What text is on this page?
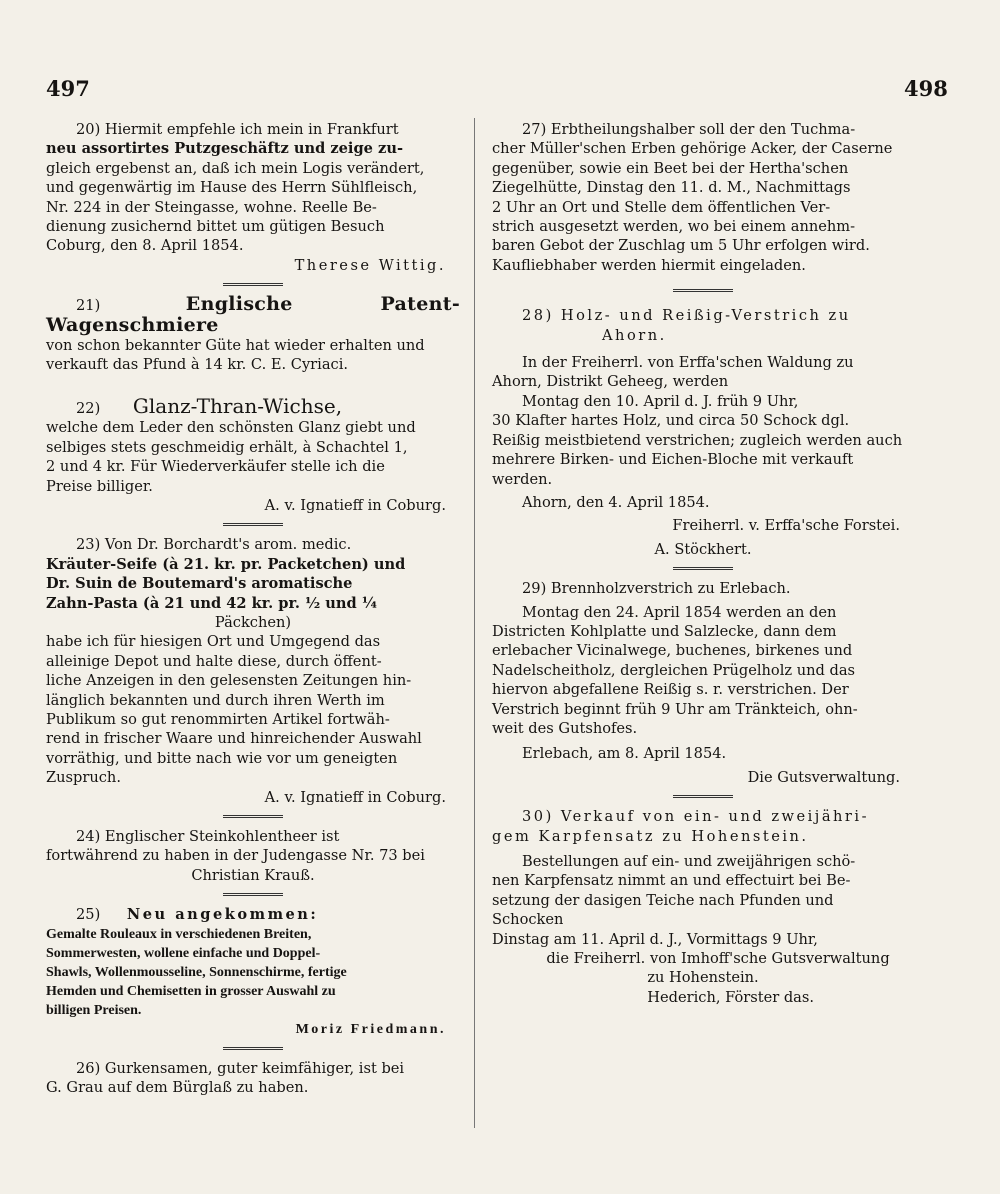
497	498

20) Hiermit empfehle ich mein in Frankfurt

neu assortirtes Putzgeschäftz und zeige zu-

gleich ergebenst an, daß ich mein Logis verändert,

und gegenwärtig im Hause des Herrn Sühlfleisch,

Nr. 224 in der Steingasse, wohne. Reelle Be-

dienung zusichernd bittet um gütigen Besuch

Coburg, den 8. April 1854.

Therese Wittig.

21)	Englische Patent-Wagenschmiere

von schon bekannter Güte hat wieder erhalten und

verkauft das Pfund à 14 kr. C. E. Cyriaci.

22) Glanz-Thran-Wichse,

welche dem Leder den schönsten Glanz giebt und

selbiges stets geschmeidig erhält, à Schachtel 1,

2 und 4 kr. Für Wiederverkäufer stelle ich die

Preise billiger.

A. v. Ignatieff in Coburg.

23) Von Dr. Borchardt's arom. medic.

Kräuter-Seife (à 21. kr. pr. Packetchen) und

Dr. Suin de Boutemard's aromatische

Zahn-Pasta (à 21 und 42 kr. pr. ½ und ¼

Päckchen)

habe ich für hiesigen Ort und Umgegend das

alleinige Depot und halte diese, durch öffent-

liche Anzeigen in den gelesensten Zeitungen hin-

länglich bekannten und durch ihren Werth im

Publikum so gut renommirten Artikel fortwäh-

rend in frischer Waare und hinreichender Auswahl

vorräthig, und bitte nach wie vor um geneigten

Zuspruch.

A. v. Ignatieff in Coburg.

24) Englischer Steinkohlentheer ist

fortwährend zu haben in der Judengasse Nr. 73 bei

Christian Krauß.

25) Neu angekommen:

Gemalte Rouleaux in verschiedenen Breiten,

Sommerwesten, wollene einfache und Doppel-

Shawls, Wollenmousseline, Sonnenschirme, fertige

Hemden und Chemisetten in grosser Auswahl zu

billigen Preisen.

Moriz Friedmann.

26) Gurkensamen, guter keimfähiger, ist bei

G. Grau auf dem Bürglaß zu haben.

27) Erbtheilungshalber soll der den Tuchma-

cher Müller'schen Erben gehörige Acker, der Caserne

gegenüber, sowie ein Beet bei der Hertha'schen

Ziegelhütte, Dinstag den 11. d. M., Nachmittags

2 Uhr an Ort und Stelle dem öffentlichen Ver-

strich ausgesetzt werden, wo bei einem annehm-

baren Gebot der Zuschlag um 5 Uhr erfolgen wird.

Kaufliebhaber werden hiermit eingeladen.

28) Holz- und Reißig-Verstrich zu

Ahorn.

In der Freiherrl. von Erffa'schen Waldung zu

Ahorn, Distrikt Geheeg, werden

Montag den 10. April d. J. früh 9 Uhr,

30 Klafter hartes Holz, und circa 50 Schock dgl.

Reißig meistbietend verstrichen; zugleich werden auch

mehrere Birken- und Eichen-Bloche mit verkauft

werden.

Ahorn, den 4. April 1854.

Freiherrl. v. Erffa'sche Forstei.

A. Stöckhert.

29) Brennholzverstrich zu Erlebach.

Montag den 24. April 1854 werden an den

Districten Kohlplatte und Salzlecke, dann dem

erlebacher Vicinalwege, buchenes, birkenes und

Nadelscheitholz, dergleichen Prügelholz und das

hiervon abgefallene Reißig s. r. verstrichen. Der

Verstrich beginnt früh 9 Uhr am Tränkteich, ohn-

weit des Gutshofes.

Erlebach, am 8. April 1854.

Die Gutsverwaltung.

30) Verkauf von ein- und zweijähri-

gem Karpfensatz zu Hohenstein.

Bestellungen auf ein- und zweijährigen schö-

nen Karpfensatz nimmt an und effectuirt bei Be-

setzung der dasigen Teiche nach Pfunden und

Schocken

Dinstag am 11. April d. J., Vormittags 9 Uhr,

die Freiherrl. von Imhoff'sche Gutsverwaltung

zu Hohenstein.

Hederich, Förster das.
